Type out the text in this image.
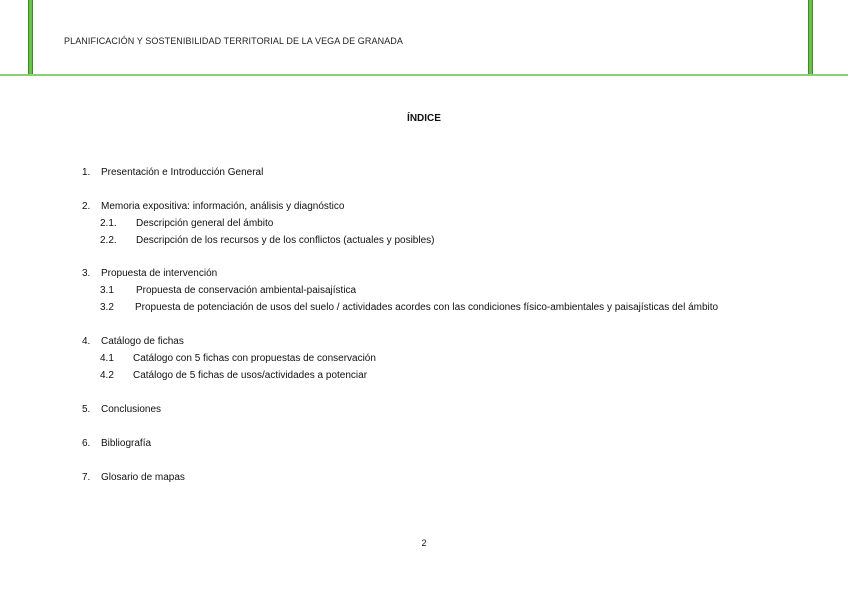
PLANIFICACIÓN Y SOSTENIBILIDAD TERRITORIAL DE LA VEGA DE GRANADA
ÍNDICE
1. Presentación e Introducción General
2. Memoria expositiva: información, análisis y diagnóstico
2.1. Descripción general del ámbito
2.2. Descripción de los recursos y de los conflictos (actuales y posibles)
3. Propuesta de intervención
3.1 Propuesta de conservación ambiental-paisajística
3.2 Propuesta de potenciación de usos del suelo / actividades acordes con las condiciones físico-ambientales y paisajísticas del ámbito
4. Catálogo de fichas
4.1 Catálogo con 5 fichas con propuestas de conservación
4.2 Catálogo de 5 fichas de usos/actividades a potenciar
5. Conclusiones
6. Bibliografía
7. Glosario de mapas
2
